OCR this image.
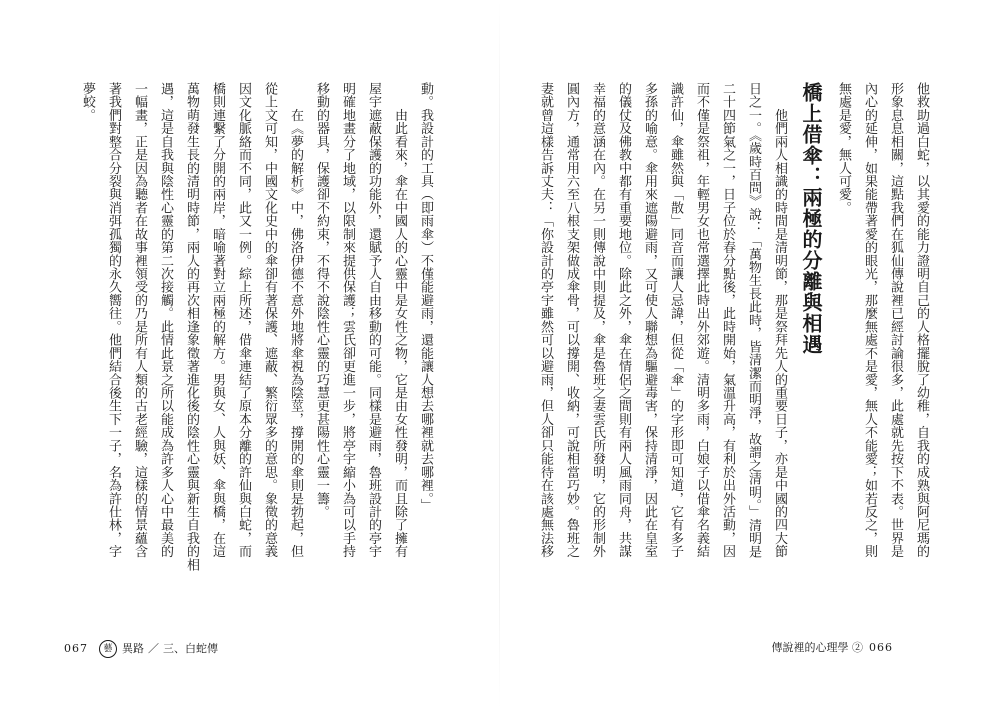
他救助過白蛇，以其愛的能力證明自己的人格擺脫了幼稚，自我的成熟與阿尼瑪的
形象息息相關，這點我們在狐仙傳說裡已經討論很多，此處就先按下不表。世界是
內心的延伸，如果能帶著愛的眼光，那麼無處不是愛，無人不能愛；如若反之，則
無處是愛，無人可愛。
橋上借傘：兩極的分離與相遇
　　他們兩人相識的時間是清明節，那是祭拜先人的重要日子，亦是中國的四大節
日之一。《歲時百問》說：「萬物生長此時，皆清潔而明淨，故謂之清明。」清明是
二十四節氣之一，日子位於春分點後，此時開始，氣溫升高，有利於出外活動，因
而不僅是祭祖，年輕男女也常選擇此時出外郊遊。清明多雨，白娘子以借傘名義結
識許仙，傘雖然與「散」同音而讓人忌諱，但從「傘」的字形即可知道，它有多子
多孫的喻意。傘用來遮陽避雨，又可使人聯想為驅避毒害，保持清淨，因此在皇室
的儀仗及佛教中都有重要地位。除此之外，傘在情侶之間則有兩人風雨同舟，共謀
幸福的意涵在內。在另一則傳說中則提及，傘是魯班之妻雲氏所發明，它的形制外
圓內方，通常用六至八根支架做成傘骨，可以撐開、收納，可說相當巧妙。魯班之
妻就曾這樣告訴丈夫：「你設計的亭宇雖然可以避雨，但人卻只能待在該處無法移
動。我設計的工具（即雨傘）不僅能避雨，還能讓人想去哪裡就去哪裡。」
　　由此看來，傘在中國人的心靈中是女性之物，它是由女性發明，而且除了擁有
屋宇遮蔽保護的功能外，還賦予人自由移動的可能。同樣是避雨，魯班設計的亭宇
明確地畫分了地域，以限制來提供保護；雲氏卻更進一步，將亭宇縮小為可以手持
移動的器具，保護卻不約束，不得不說陰性心靈的巧慧更甚陽性心靈一籌。
　　在《夢的解析》中，佛洛伊德不意外地將傘視為陰莖，撐開的傘則是勃起，但
從上文可知，中國文化史中的傘卻有著保護、遮蔽、繁衍眾多的意思。象徵的意義
因文化脈絡而不同，此又一例。綜上所述，借傘連結了原本分離的許仙與白蛇，而
橋則連繫了分開的兩岸，暗喻著對立兩極的解方。男與女、人與妖、傘與橋，在這
萬物萌發生長的清明時節，兩人的再次相逢象徵著進化後的陰性心靈與新生自我的相
遇，這是自我與陰性心靈的第二次接觸。此情此景之所以能成為許多人心中最美的
一幅畫，正是因為聽者在故事裡領受的乃是所有人類的古老經驗，這樣的情景蘊含
著我們對整合分裂與消弭孤獨的永久嚮往。他們結合後生下一子，名為許仕林，字
夢蛟。
067	藝 異路 ／ 三、白蛇傳	傳說裡的心理學 ② 066
